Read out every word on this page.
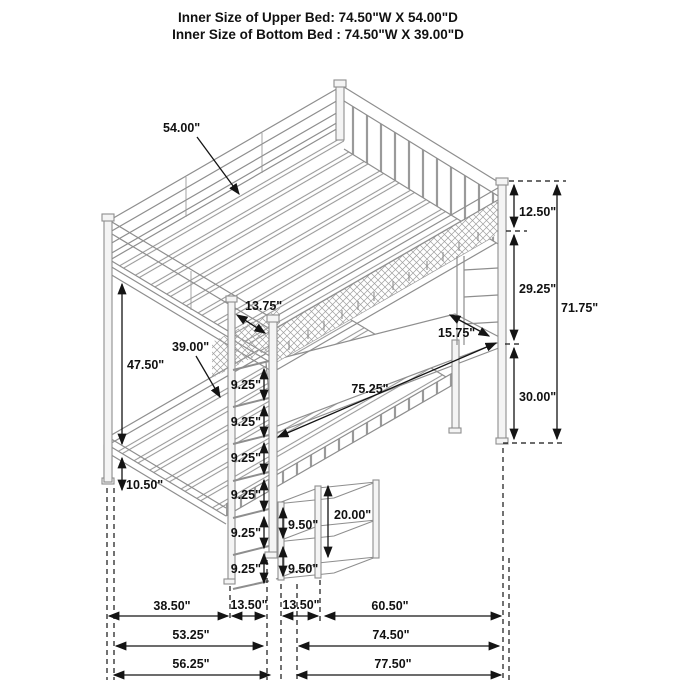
Inner Size of Upper Bed: 74.50"W X 54.00"D
Inner Size of Bottom Bed : 74.50"W X 39.00"D
54.00"
12.50"
29.25"
71.75"
30.00"
13.75"
39.00"
47.50"
10.50"
15.75"
75.25"
9.25"
9.25"
9.25"
9.25"
9.25"
9.25"
9.50"
9.50"
20.00"
38.50"	13.50" 13.50"	60.50"
53.25"	74.50"
56.25"	77.50"
